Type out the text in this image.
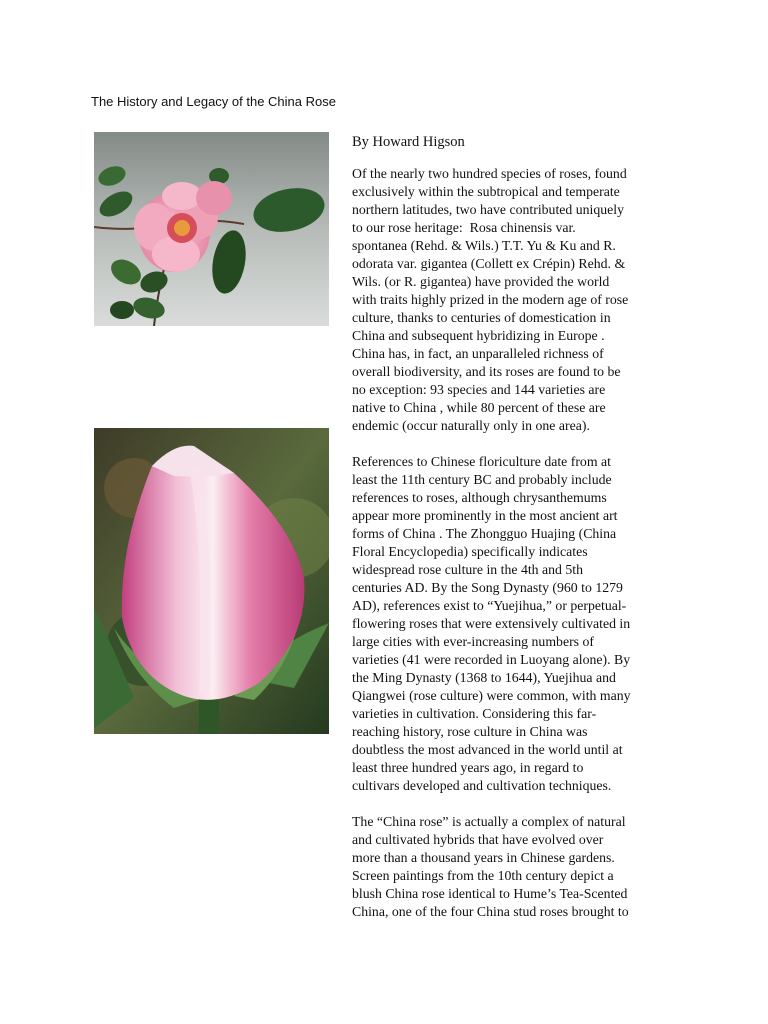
The History and Legacy of the China Rose
By Howard Higson
Of the nearly two hundred species of roses, found
exclusively within the subtropical and temperate
northern latitudes, two have contributed uniquely
to our rose heritage:  Rosa chinensis var.
spontanea (Rehd. & Wils.) T.T. Yu & Ku and R.
odorata var. gigantea (Collett ex Crépin) Rehd. &
Wils. (or R. gigantea) have provided the world
with traits highly prized in the modern age of rose
culture, thanks to centuries of domestication in
China and subsequent hybridizing in Europe .
China has, in fact, an unparalleled richness of
overall biodiversity, and its roses are found to be
no exception: 93 species and 144 varieties are
native to China , while 80 percent of these are
endemic (occur naturally only in one area).
References to Chinese floriculture date from at
least the 11th century BC and probably include
references to roses, although chrysanthemums
appear more prominently in the most ancient art
forms of China . The Zhongguo Huajing (China
Floral Encyclopedia) specifically indicates
widespread rose culture in the 4th and 5th
centuries AD. By the Song Dynasty (960 to 1279
AD), references exist to “Yuejihua,” or perpetual-
flowering roses that were extensively cultivated in
large cities with ever-increasing numbers of
varieties (41 were recorded in Luoyang alone). By
the Ming Dynasty (1368 to 1644), Yuejihua and
Qiangwei (rose culture) were common, with many
varieties in cultivation. Considering this far-
reaching history, rose culture in China was
doubtless the most advanced in the world until at
least three hundred years ago, in regard to
cultivars developed and cultivation techniques.
The “China rose” is actually a complex of natural
and cultivated hybrids that have evolved over
more than a thousand years in Chinese gardens.
Screen paintings from the 10th century depict a
blush China rose identical to Hume’s Tea-Scented
China, one of the four China stud roses brought to
